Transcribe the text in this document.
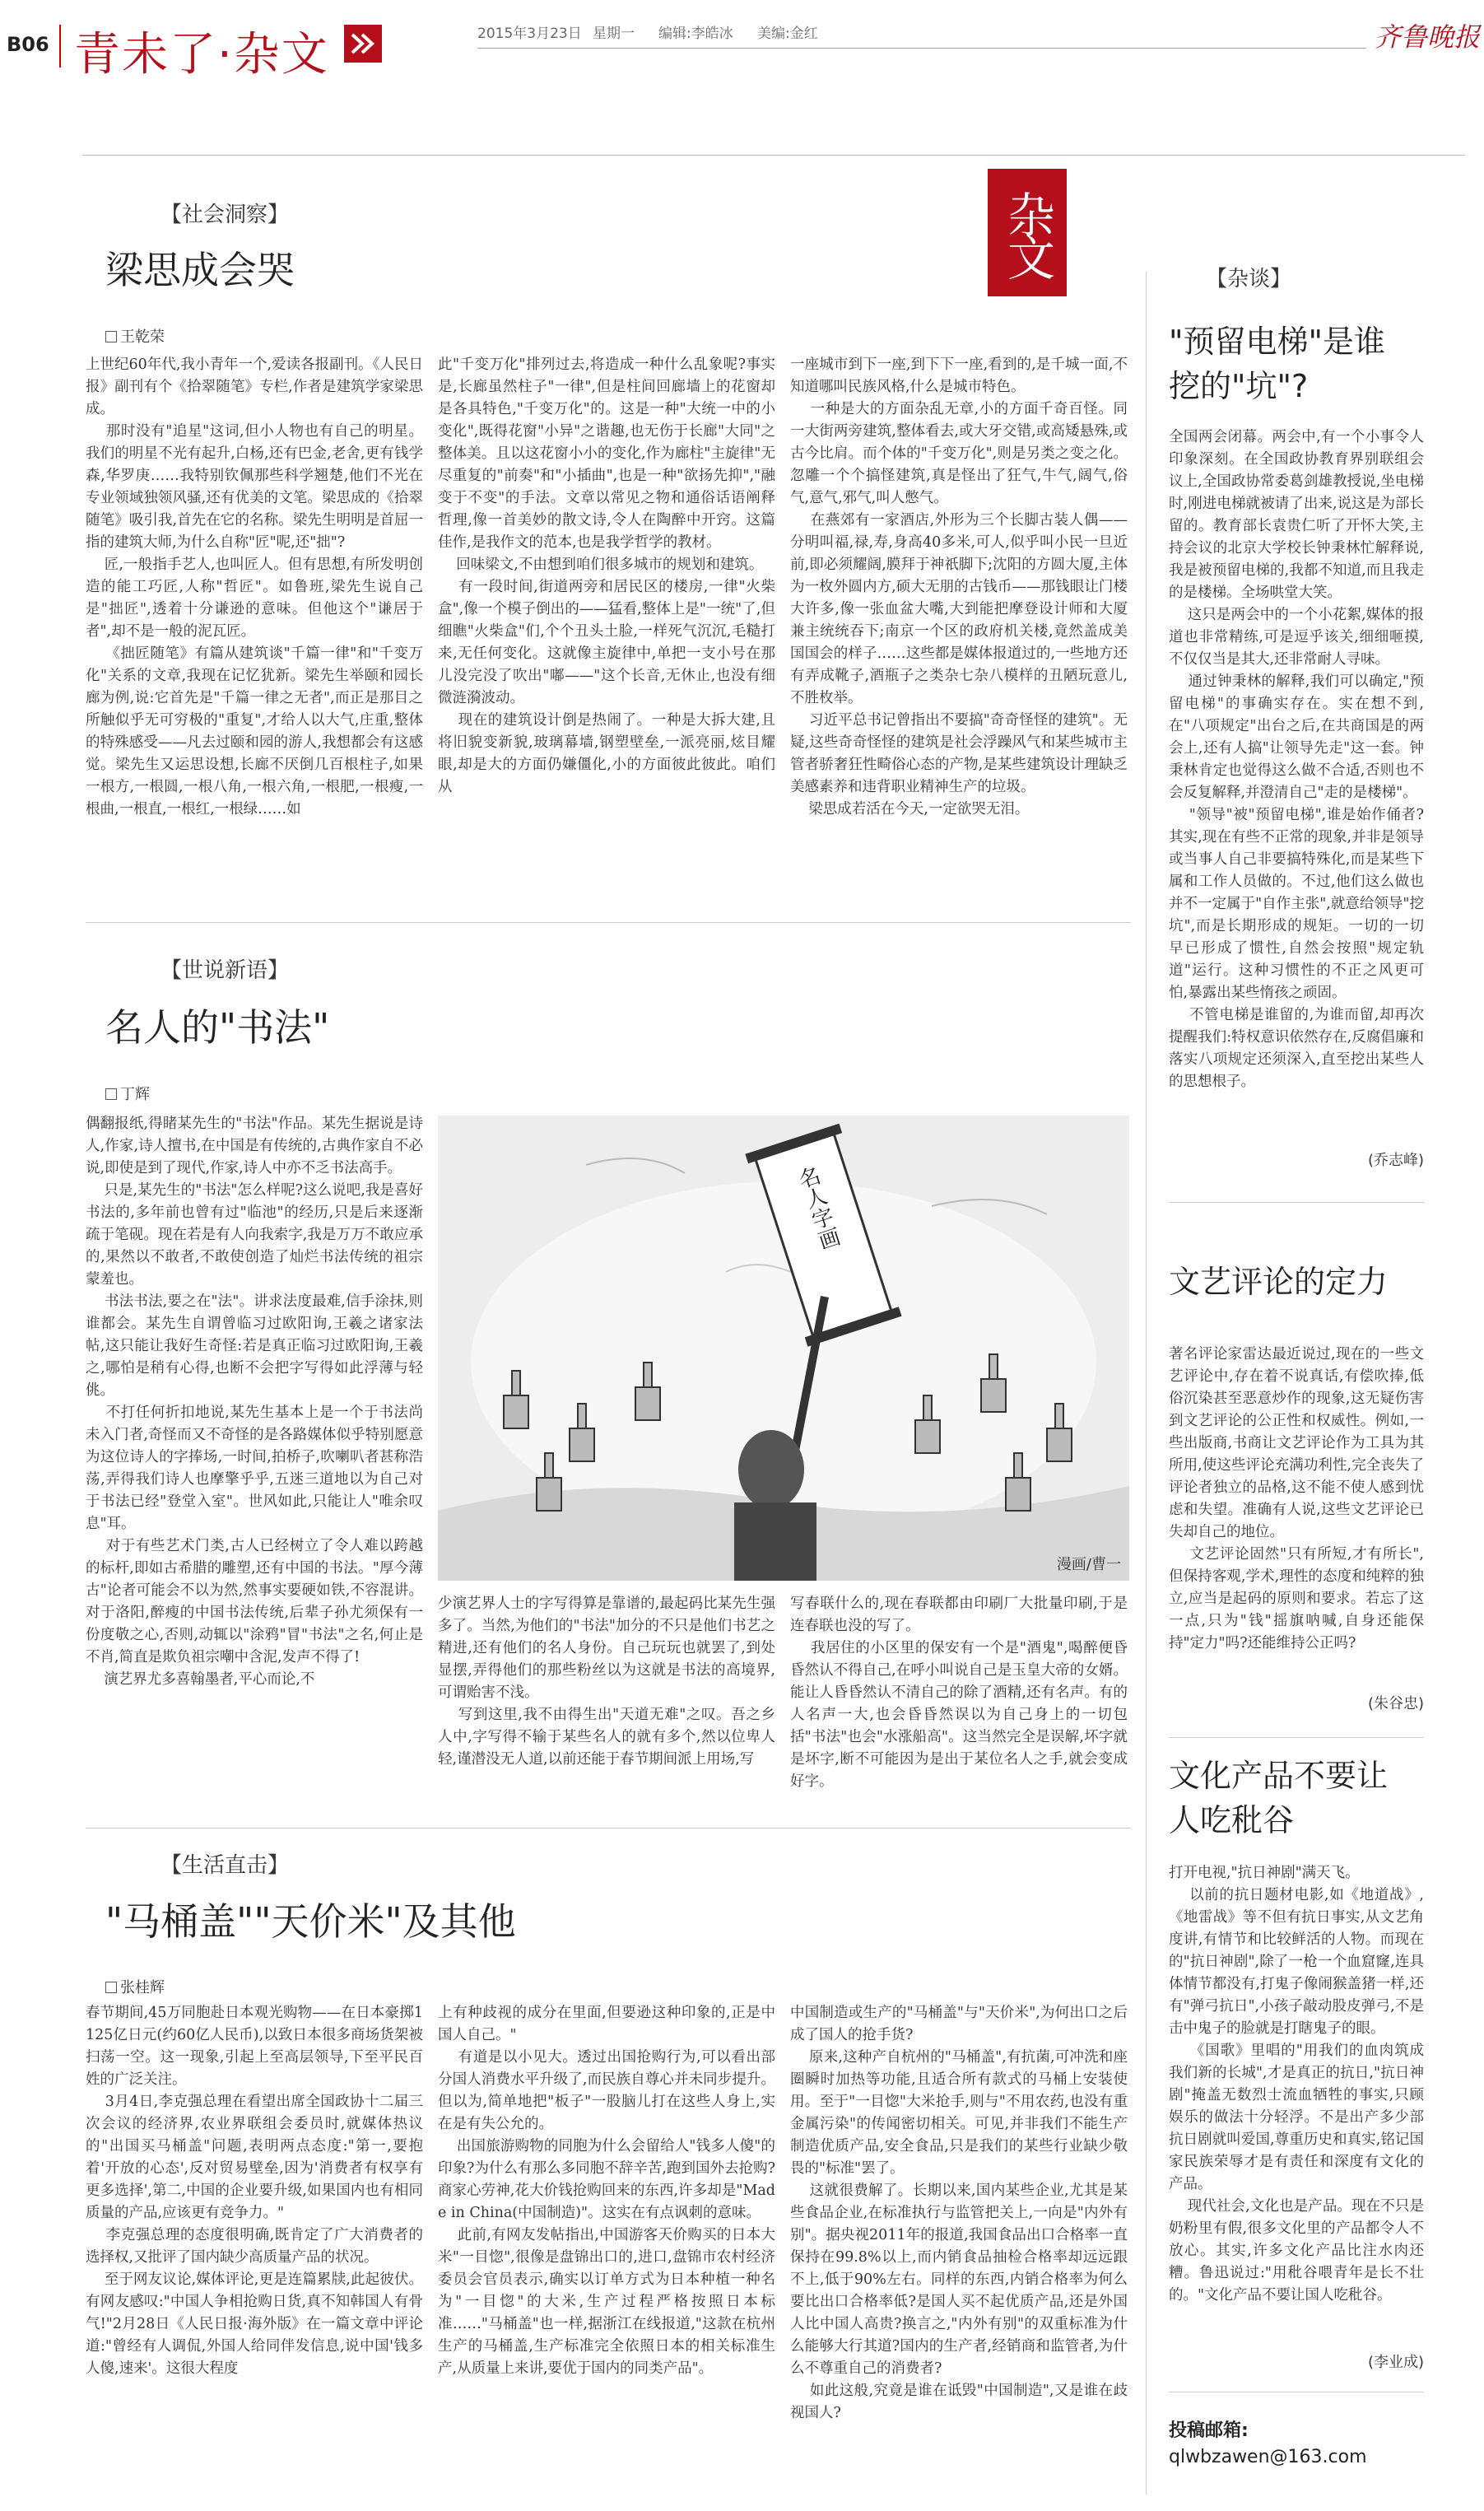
B06 青未了·杂文	2015年3月23日 星期一 编辑:李皓冰 美编:金红	齐鲁晚报
杂文
【社会洞察】
梁思成会哭
王乾荣
上世纪60年代,我小青年一个,爱读各报副刊。《人民日报》副刊有个《拾翠随笔》专栏,作者是建筑学家梁思成。
那时没有"追星"这词,但小人物也有自己的明星。我们的明星不光有起升,白杨,还有巴金,老舍,更有钱学森,华罗庚……我特别钦佩那些科学翘楚,他们不光在专业领域独领风骚,还有优美的文笔。梁思成的《拾翠随笔》吸引我,首先在它的名称。梁先生明明是首屈一指的建筑大师,为什么自称"匠"呢,还"拙"?
匠,一般指手艺人,也叫匠人。但有思想,有所发明创造的能工巧匠,人称"哲匠"。如鲁班,梁先生说自己是"拙匠",透着十分谦逊的意味。但他这个"谦居于者",却不是一般的泥瓦匠。
《拙匠随笔》有篇从建筑谈"千篇一律"和"千变万化"关系的文章,我现在记忆犹新。梁先生举颐和园长廊为例,说:它首先是"千篇一律之无者",而正是那目之所触似乎无可穷极的"重复",才给人以大气,庄重,整体的特殊感受——凡去过颐和园的游人,我想都会有这感觉。梁先生又运思设想,长廊不厌倒几百根柱子,如果一根方,一根圆,一根八角,一根六角,一根肥,一根瘦,一根曲,一根直,一根红,一根绿……如
此"千变万化"排列过去,将造成一种什么乱象呢?事实是,长廊虽然柱子"一律",但是柱间回廊墙上的花窗却是各具特色,"千变万化"的。这是一种"大统一中的小变化",既得花窗"小异"之谐趣,也无伤于长廊"大同"之整体美。且以这花窗小小的变化,作为廊柱"主旋律"无尽重复的"前奏"和"小插曲",也是一种"欲扬先抑","融变于不变"的手法。文章以常见之物和通俗话语阐释哲理,像一首美妙的散文诗,令人在陶醉中开窍。这篇佳作,是我作文的范本,也是我学哲学的教材。
回味梁文,不由想到咱们很多城市的规划和建筑。
有一段时间,街道两旁和居民区的楼房,一律"火柴盒",像一个模子倒出的——猛看,整体上是"一统"了,但细瞧"火柴盒"们,个个丑头土脸,一样死气沉沉,毛糙打来,无任何变化。这就像主旋律中,单把一支小号在那儿没完没了吹出"嘟——"这个长音,无休止,也没有细微涟漪波动。
现在的建筑设计倒是热闹了。一种是大拆大建,且将旧貌变新貌,玻璃幕墙,钢塑壁垒,一派亮丽,炫目耀眼,却是大的方面仍嫌僵化,小的方面彼此彼此。咱们从
一座城市到下一座,到下下一座,看到的,是千城一面,不知道哪叫民族风格,什么是城市特色。
一种是大的方面杂乱无章,小的方面千奇百怪。同一大街两旁建筑,整体看去,或大牙交错,或高矮悬殊,或古今比肩。而个体的"千变万化",则是另类之变之化。忽雕一个个搞怪建筑,真是怪出了狂气,牛气,阔气,俗气,意气,邪气,叫人憋气。
在燕郊有一家酒店,外形为三个长脚古装人偶——分明叫福,禄,寿,身高40多米,可人,似乎叫小民一旦近前,即必须耀阔,膜拜于神祇脚下;沈阳的方圆大厦,主体为一枚外圆内方,硕大无朋的古钱币——那钱眼让门楼大许多,像一张血盆大嘴,大到能把摩登设计师和大厦兼主统统吞下;南京一个区的政府机关楼,竟然盖成美国国会的样子……这些都是媒体报道过的,一些地方还有弄成靴子,酒瓶子之类杂七杂八模样的丑陋玩意儿,不胜枚举。
习近平总书记曾指出不要搞"奇奇怪怪的建筑"。无疑,这些奇奇怪怪的建筑是社会浮躁风气和某些城市主管者骄奢狂性畸俗心态的产物,是某些建筑设计理缺乏美感素养和违背职业精神生产的垃圾。
梁思成若活在今天,一定欲哭无泪。
【世说新语】
名人的"书法"
丁辉
偶翻报纸,得睹某先生的"书法"作品。某先生据说是诗人,作家,诗人擅书,在中国是有传统的,古典作家自不必说,即使是到了现代,作家,诗人中亦不乏书法高手。
只是,某先生的"书法"怎么样呢?这么说吧,我是喜好书法的,多年前也曾有过"临池"的经历,只是后来逐渐疏于笔砚。现在若是有人向我索字,我是万万不敢应承的,果然以不敢者,不敢使创造了灿烂书法传统的祖宗蒙羞也。
书法书法,要之在"法"。讲求法度最难,信手涂抹,则谁都会。某先生自谓曾临习过欧阳询,王羲之诸家法帖,这只能让我好生奇怪:若是真正临习过欧阳询,王羲之,哪怕是稍有心得,也断不会把字写得如此浮薄与轻佻。
不打任何折扣地说,某先生基本上是一个于书法尚未入门者,奇怪而又不奇怪的是各路媒体似乎特别愿意为这位诗人的字捧场,一时间,拍桥子,吹喇叭者甚称浩荡,弄得我们诗人也摩擎乎乎,五迷三道地以为自己对于书法已经"登堂入室"。世风如此,只能让人"唯余叹息"耳。
对于有些艺术门类,古人已经树立了令人难以跨越的标杆,即如古希腊的雕塑,还有中国的书法。"厚今薄古"论者可能会不以为然,然事实要硬如铁,不容混讲。对于洛阳,醉瘦的中国书法传统,后辈子孙尤须保有一份度敬之心,否则,动辄以"涂鸦"冒"书法"之名,何止是不肖,简直是欺负祖宗嘲中含泥,发声不得了!
演艺界尤多喜翰墨者,平心而论,不
名人字画
漫画/曹一
少演艺界人士的字写得算是靠谱的,最起码比某先生强多了。当然,为他们的"书法"加分的不只是他们书艺之精进,还有他们的名人身份。自己玩玩也就罢了,到处显摆,弄得他们的那些粉丝以为这就是书法的高境界,可谓贻害不浅。
写到这里,我不由得生出"天道无难"之叹。吾之乡人中,字写得不输于某些名人的就有多个,然以位卑人轻,谨潜没无人道,以前还能于春节期间派上用场,写
写春联什么的,现在春联都由印刷厂大批量印刷,于是连春联也没的写了。
我居住的小区里的保安有一个是"酒鬼",喝醉便昏昏然认不得自己,在呼小叫说自己是玉皇大帝的女婿。能让人昏昏然认不清自己的除了酒精,还有名声。有的人名声一大,也会昏昏然误以为自己身上的一切包括"书法"也会"水涨船高"。这当然完全是误解,坏字就是坏字,断不可能因为是出于某位名人之手,就会变成好字。
【生活直击】
"马桶盖""天价米"及其他
张桂辉
春节期间,45万同胞赴日本观光购物——在日本豪掷1125亿日元(约60亿人民币),以致日本很多商场货架被扫荡一空。这一现象,引起上至高层领导,下至平民百姓的广泛关注。
3月4日,李克强总理在看望出席全国政协十二届三次会议的经济界,农业界联组会委员时,就媒体热议的"出国买马桶盖"问题,表明两点态度:"第一,要抱着'开放的心态',反对贸易壁垒,因为'消费者有权享有更多选择',第二,中国的企业要升级,如果国内也有相同质量的产品,应该更有竞争力。"
李克强总理的态度很明确,既肯定了广大消费者的选择权,又批评了国内缺少高质量产品的状况。
至于网友议论,媒体评论,更是连篇累牍,此起彼伏。有网友感叹:"中国人争相抢购日货,真不知韩国人有骨气!"2月28日《人民日报·海外版》在一篇文章中评论道:"曾经有人调侃,外国人给同伴发信息,说中国'钱多人傻,速来'。这很大程度
上有种歧视的成分在里面,但要逊这种印象的,正是中国人自己。"
有道是以小见大。透过出国抢购行为,可以看出部分国人消费水平升级了,而民族自尊心并未同步提升。但以为,简单地把"板子"一股脑儿打在这些人身上,实在是有失公允的。
出国旅游购物的同胞为什么会留给人"钱多人傻"的印象?为什么有那么多同胞不辞辛苦,跑到国外去抢购?商家心劳神,花大价钱抢购回来的东西,许多却是"Made in China(中国制造)"。这实在有点讽刺的意味。
此前,有网友发帖指出,中国游客天价购买的日本大米"一目惚",很像是盘锦出口的,进口,盘锦市农村经济委员会官员表示,确实以订单方式为日本种植一种名为"一目惚"的大米,生产过程严格按照日本标准……"马桶盖"也一样,据浙江在线报道,"这款在杭州生产的马桶盖,生产标准完全依照日本的相关标准生产,从质量上来讲,要优于国内的同类产品"。
中国制造或生产的"马桶盖"与"天价米",为何出口之后成了国人的抢手货?
原来,这种产自杭州的"马桶盖",有抗菌,可冲洗和座圈瞬时加热等功能,且适合所有款式的马桶上安装使用。至于"一目惚"大米抢手,则与"不用农药,也没有重金属污染"的传闻密切相关。可见,并非我们不能生产制造优质产品,安全食品,只是我们的某些行业缺少敬畏的"标准"罢了。
这就很费解了。长期以来,国内某些企业,尤其是某些食品企业,在标准执行与监管把关上,一向是"内外有别"。据央视2011年的报道,我国食品出口合格率一直保持在99.8%以上,而内销食品抽检合格率却远远跟不上,低于90%左右。同样的东西,内销合格率为何么要比出口合格率低?是国人买不起优质产品,还是外国人比中国人高贵?换言之,"内外有别"的双重标准为什么能够大行其道?国内的生产者,经销商和监管者,为什么不尊重自己的消费者?
如此这般,究竟是谁在诋毁"中国制造",又是谁在歧视国人?
【杂谈】
"预留电梯"是谁挖的"坑"?
全国两会闭幕。两会中,有一个小事令人印象深刻。在全国政协教育界别联组会议上,全国政协常委葛剑雄教授说,坐电梯时,刚进电梯就被请了出来,说这是为部长留的。教育部长袁贵仁听了开怀大笑,主持会议的北京大学校长钟秉林忙解释说,我是被预留电梯的,我都不知道,而且我走的是楼梯。全场哄堂大笑。
这只是两会中的一个小花絮,媒体的报道也非常精练,可是逗乎该关,细细咂摸,不仅仅当是其大,还非常耐人寻味。
通过钟秉林的解释,我们可以确定,"预留电梯"的事确实存在。实在想不到,在"八项规定"出台之后,在共商国是的两会上,还有人搞"让领导先走"这一套。钟秉林肯定也觉得这么做不合适,否则也不会反复解释,并澄清自己"走的是楼梯"。
"领导"被"预留电梯",谁是始作俑者?其实,现在有些不正常的现象,并非是领导或当事人自己非要搞特殊化,而是某些下属和工作人员做的。不过,他们这么做也并不一定属于"自作主张",就意给领导"挖坑",而是长期形成的规矩。一切的一切早已形成了惯性,自然会按照"规定轨道"运行。这种习惯性的不正之风更可怕,暴露出某些惰孩之顽固。
不管电梯是谁留的,为谁而留,却再次提醒我们:特权意识依然存在,反腐倡廉和落实八项规定还须深入,直至挖出某些人的思想根子。
(乔志峰)
文艺评论的定力
著名评论家雷达最近说过,现在的一些文艺评论中,存在着不说真话,有偿吹捧,低俗沉染甚至恶意炒作的现象,这无疑伤害到文艺评论的公正性和权威性。例如,一些出版商,书商让文艺评论作为工具为其所用,使这些评论充满功利性,完全丧失了评论者独立的品格,这不能不使人感到忧虑和失望。准确有人说,这些文艺评论已失却自己的地位。
文艺评论固然"只有所短,才有所长",但保持客观,学术,理性的态度和纯粹的独立,应当是起码的原则和要求。若忘了这一点,只为"钱"摇旗呐喊,自身还能保持"定力"吗?还能维持公正吗?
(朱谷忠)
文化产品不要让人吃秕谷
打开电视,"抗日神剧"满天飞。
以前的抗日题材电影,如《地道战》,《地雷战》等不但有抗日事实,从文艺角度讲,有情节和比较鲜活的人物。而现在的"抗日神剧",除了一枪一个血窟窿,连具体情节都没有,打鬼子像闹猴盖猪一样,还有"弹弓抗日",小孩子敲动股皮弹弓,不是击中鬼子的脸就是打瞎鬼子的眼。
《国歌》里唱的"用我们的血肉筑成我们新的长城",才是真正的抗日,"抗日神剧"掩盖无数烈士流血牺牲的事实,只顾娱乐的做法十分轻浮。不是出产多少部抗日剧就叫爱国,尊重历史和真实,铭记国家民族荣辱才是有责任和深度有文化的产品。
现代社会,文化也是产品。现在不只是奶粉里有假,很多文化里的产品都令人不放心。其实,许多文化产品比注水肉还糟。鲁迅说过:"用秕谷喂青年是长不壮的。"文化产品不要让国人吃秕谷。
(李业成)
投稿邮箱:
qlwbzawen@163.com
